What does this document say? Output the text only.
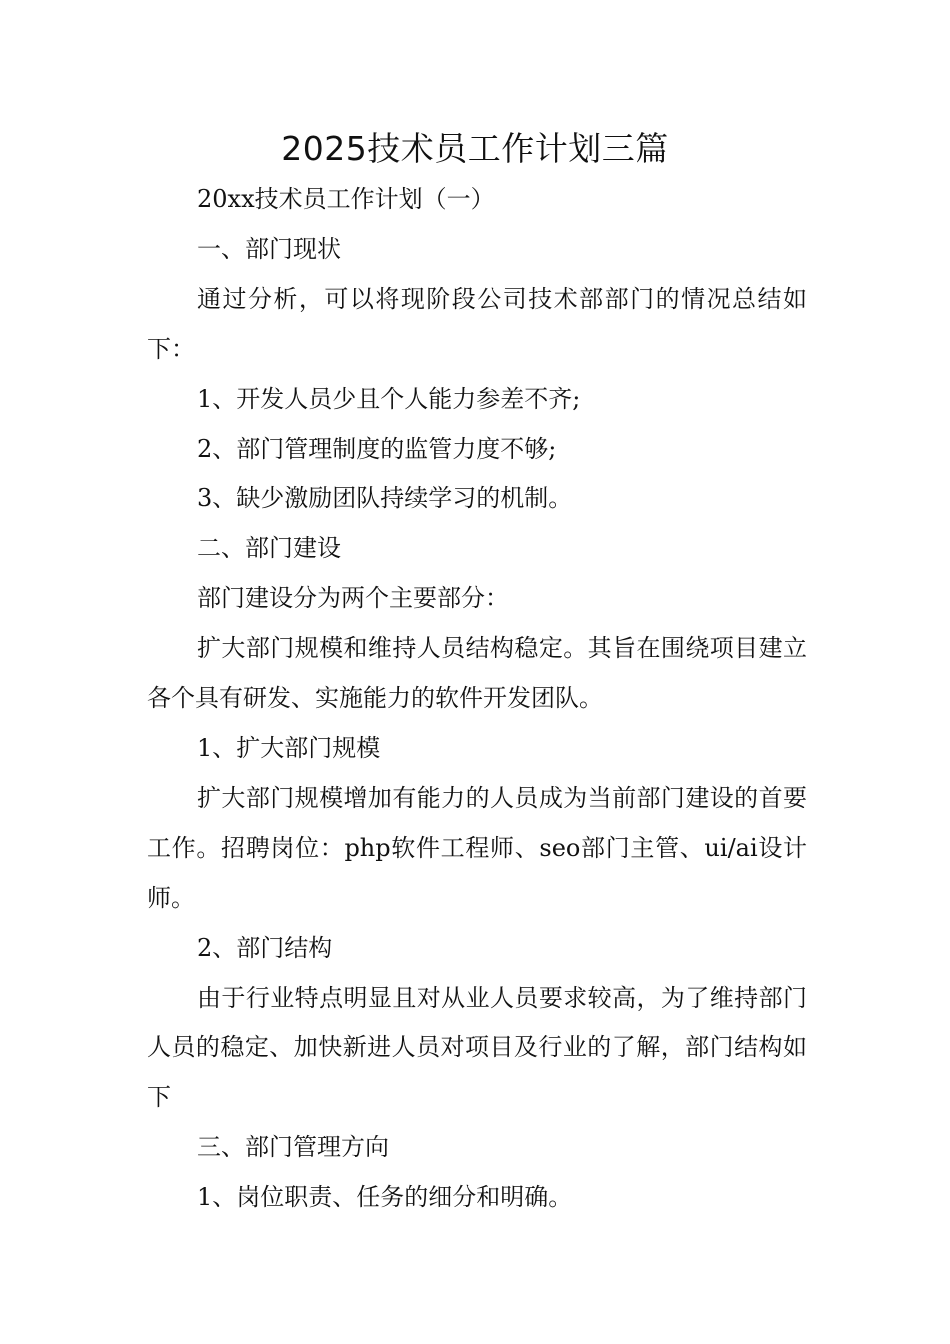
2025技术员工作计划三篇

20xx技术员工作计划（一）

一、部门现状

通过分析，可以将现阶段公司技术部部门的情况总结如下：

1、开发人员少且个人能力参差不齐;

2、部门管理制度的监管力度不够;

3、缺少激励团队持续学习的机制。

二、部门建设

部门建设分为两个主要部分：

扩大部门规模和维持人员结构稳定。其旨在围绕项目建立各个具有研发、实施能力的软件开发团队。

1、扩大部门规模

扩大部门规模增加有能力的人员成为当前部门建设的首要工作。招聘岗位：php软件工程师、seo部门主管、ui/ai设计师。

2、部门结构

由于行业特点明显且对从业人员要求较高，为了维持部门人员的稳定、加快新进人员对项目及行业的了解，部门结构如下

三、部门管理方向

1、岗位职责、任务的细分和明确。
